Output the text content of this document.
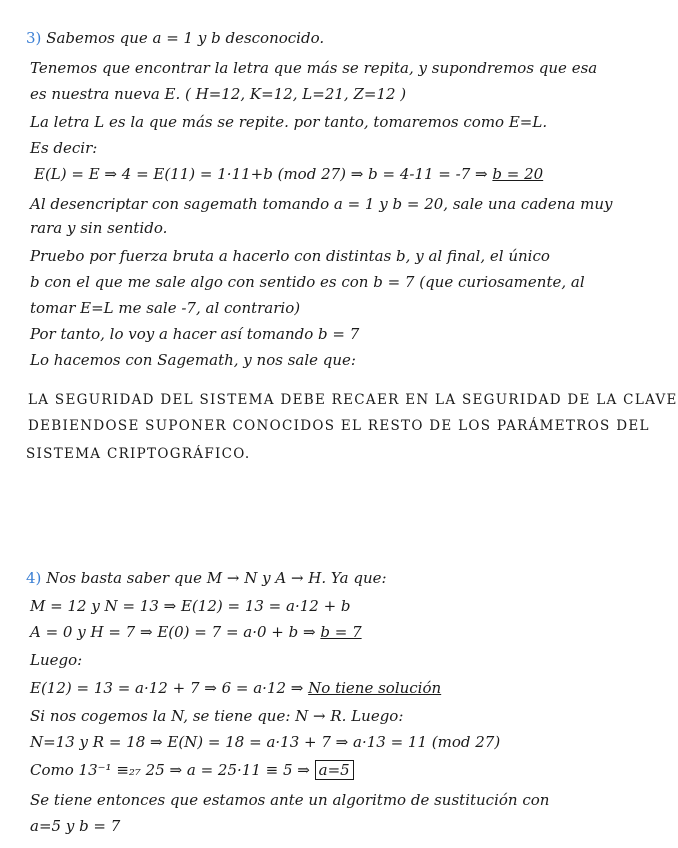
3) Sabemos que a = 1 y b desconocido.
Tenemos que encontrar la letra que más se repita, y supondremos que esa
es nuestra nueva E. ( H=12, K=12, L=21, Z=12 )
La letra L es la que más se repite. por tanto, tomaremos como E=L.
Es decir:
E(L) = E ⇒ 4 = E(11) = 1·11+b (mod 27) ⇒ b = 4-11 = -7 ⇒ b = 20
Al desencriptar con sagemath tomando a = 1 y b = 20, sale una cadena muy
rara y sin sentido.
Pruebo por fuerza bruta a hacerlo con distintas b, y al final, el único
b con el que me sale algo con sentido es con b = 7 (que curiosamente, al
tomar E=L me sale -7, al contrario)
Por tanto, lo voy a hacer así tomando b = 7
Lo hacemos con Sagemath, y nos sale que:
LA SEGURIDAD DEL SISTEMA DEBE RECAER EN LA SEGURIDAD DE LA CLAVE
DEBIENDOSE SUPONER CONOCIDOS EL RESTO DE LOS PARÁMETROS DEL
SISTEMA CRIPTOGRÁFICO.
4) Nos basta saber que M → N y A → H. Ya que:
M = 12 y N = 13 ⇒ E(12) = 13 = a·12 + b
A = 0 y H = 7 ⇒ E(0) = 7 = a·0 + b ⇒ b = 7
Luego:
E(12) = 13 = a·12 + 7 ⇒ 6 = a·12 ⇒ No tiene solución
Si nos cogemos la N, se tiene que: N → R. Luego:
N=13 y R = 18 ⇒ E(N) = 18 = a·13 + 7 ⇒ a·13 = 11 (mod 27)
Como 13⁻¹ ≡₂₇ 25 ⇒ a = 25·11 ≡ 5 ⇒ a=5
Se tiene entonces que estamos ante un algoritmo de sustitución con
a=5 y b = 7
